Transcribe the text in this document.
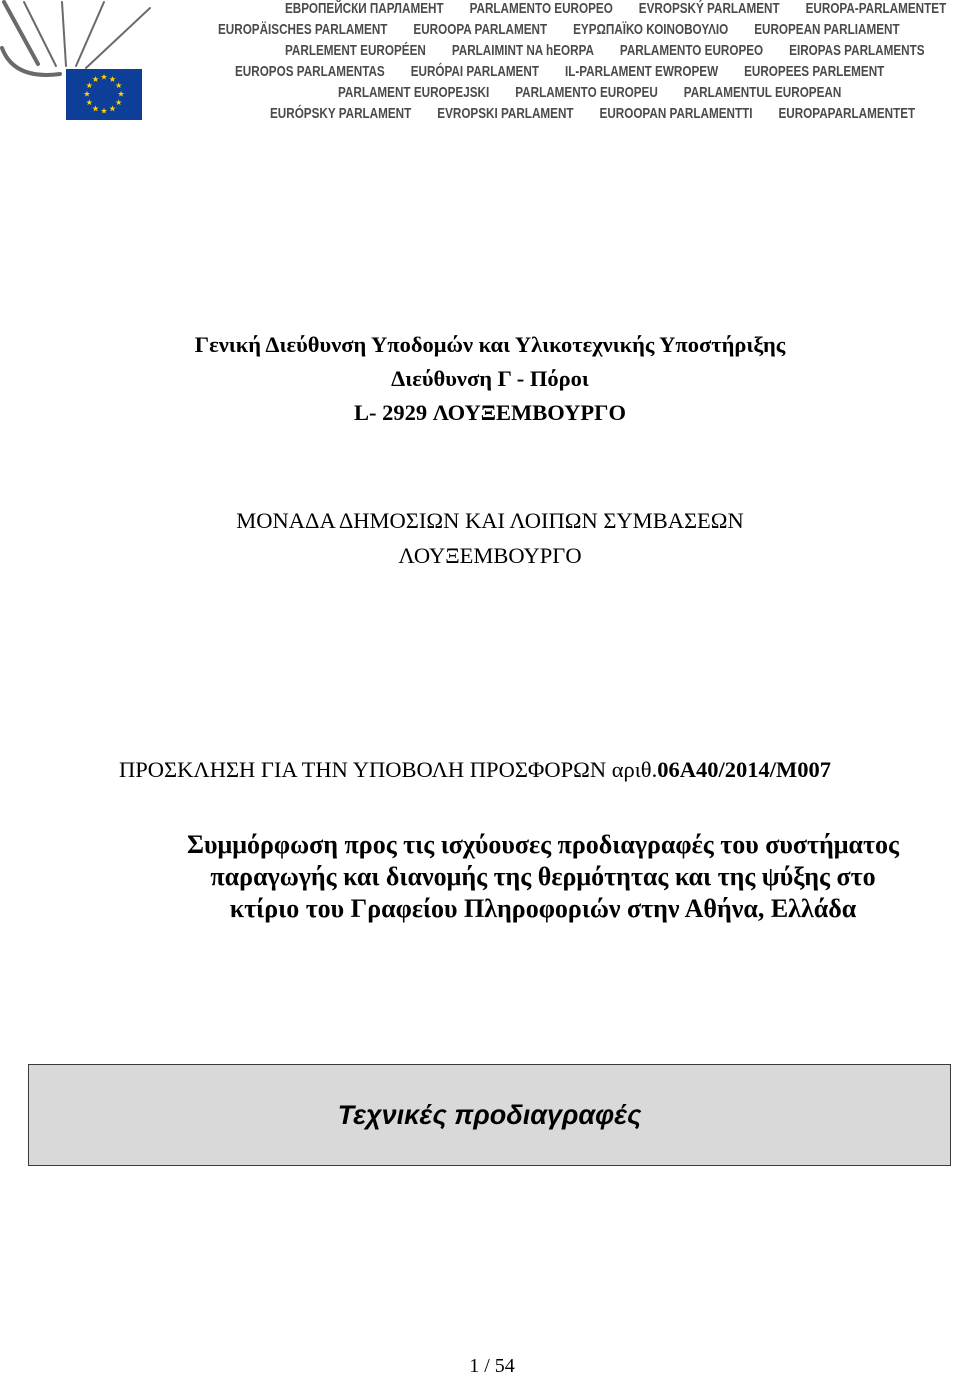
ЕВРОПЕЙСКИ ПАРЛАМЕНТ PARLAMENTO EUROPEO EVROPSKÝ PARLAMENT EUROPA-PARLAMENTET
EUROPÄISCHES PARLAMENT EUROOPA PARLAMENT ΕΥΡΩΠΑΪΚΟ ΚΟΙΝΟΒΟΥΛΙΟ EUROPEAN PARLIAMENT
PARLEMENT EUROPÉEN PARLAIMINT NA hEORPA PARLAMENTO EUROPEO EIROPAS PARLAMENTS
EUROPOS PARLAMENTAS EURÓPAI PARLAMENT IL-PARLAMENT EWROPEW EUROPEES PARLEMENT
PARLAMENT EUROPEJSKI PARLAMENTO EUROPEU PARLAMENTUL EUROPEAN
EURÓPSKY PARLAMENT EVROPSKI PARLAMENT EUROOPAN PARLAMENTTI EUROPAPARLAMENTET
Γενική Διεύθυνση Υποδομών και Υλικοτεχνικής Υποστήριξης
Διεύθυνση Γ - Πόροι
L- 2929 ΛΟΥΞΕΜΒΟΥΡΓΟ
ΜΟΝΑΔΑ ΔΗΜΟΣΙΩΝ ΚΑΙ ΛΟΙΠΩΝ ΣΥΜΒΑΣΕΩΝ
ΛΟΥΞΕΜΒΟΥΡΓΟ
ΠΡΟΣΚΛΗΣΗ ΓΙΑ ΤΗΝ ΥΠΟΒΟΛΗ ΠΡΟΣΦΟΡΩΝ αριθ.06A40/2014/M007
Συμμόρφωση προς τις ισχύουσες προδιαγραφές του συστήματος
παραγωγής και διανομής της θερμότητας και της ψύξης στο
κτίριο του Γραφείου Πληροφοριών στην Αθήνα, Ελλάδα
Τεχνικές προδιαγραφές
1 / 54
